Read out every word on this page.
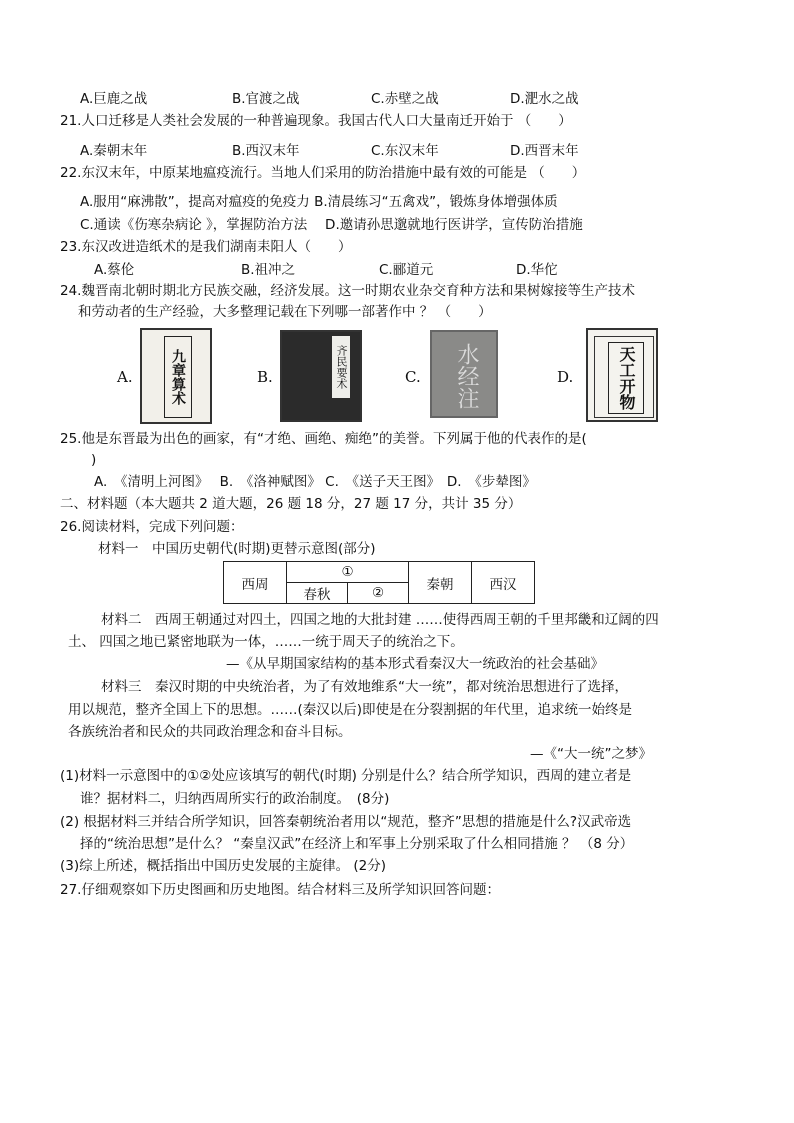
A.巨鹿之战	B.官渡之战	C.赤壁之战	D.淝水之战
21.人口迁移是人类社会发展的一种普遍现象。我国古代人口大量南迁开始于 （　　）
A.秦朝末年	B.西汉末年	C.东汉末年	D.西晋末年
22.东汉末年，中原某地瘟疫流行。当地人们采用的防治措施中最有效的可能是 （　　）
A.服用“麻沸散”，提高对瘟疫的免疫力 B.清晨练习“五禽戏”，锻炼身体增强体质
C.通读《伤寒杂病论 》，掌握防治方法　 D.邀请孙思邈就地行医讲学，宣传防治措施
23.东汉改进造纸术的是我们湖南耒阳人（　　）
A.蔡伦	B.祖冲之	C.郦道元	D.华佗
24.魏晋南北朝时期北方民族交融，经济发展。这一时期农业杂交育种方法和果树嫁接等生产技术
和劳动者的生产经验，大多整理记载在下列哪一部著作中 ？ （　　）
A.	九章算术	B.	齐民要术	C.	水经注	D.	天工开物
25.他是东晋最为出色的画家，有“才绝、画绝、痴绝”的美誉。下列属于他的代表作的是(
)
A.　《清明上河图》　 B.　《洛神赋图》 C.　《送子天王图》　D.　《步辇图》
二、材料题（本大题共 2 道大题，26 题 18 分，27 题 17 分，共计 35 分）
26.阅读材料，完成下列问题：
材料一　中国历史朝代(时期)更替示意图(部分)
西周	①		秦朝	西汉
	春秋	②		
材料二　西周王朝通过对四土，四国之地的大批封建 ……使得西周王朝的千里邦畿和辽阔的四
土、 四国之地已紧密地联为一体，……一统于周天子的统治之下。
—《从早期国家结构的基本形式看秦汉大一统政治的社会基础》
材料三　秦汉时期的中央统治者，为了有效地维系“大一统”，都对统治思想进行了选择，
用以规范，整齐全国上下的思想。……(秦汉以后)即使是在分裂割据的年代里，追求统一始终是
各族统治者和民众的共同政治理念和奋斗目标。
—《“大一统”之梦》
(1)材料一示意图中的①②处应该填写的朝代(时期) 分别是什么？结合所学知识，西周的建立者是
谁？据材料二，归纳西周所实行的政治制度。　(8分)
(2) 根据材料三并结合所学知识，回答秦朝统治者用以“规范，整齐”思想的措施是什么?汉武帝选
择的“统治思想”是什么？ “秦皇汉武”在经济上和军事上分别采取了什么相同措施 ？ （8 分）
(3)综上所述，概括指出中国历史发展的主旋律。 (2分)
27.仔细观察如下历史图画和历史地图。结合材料三及所学知识回答问题：
